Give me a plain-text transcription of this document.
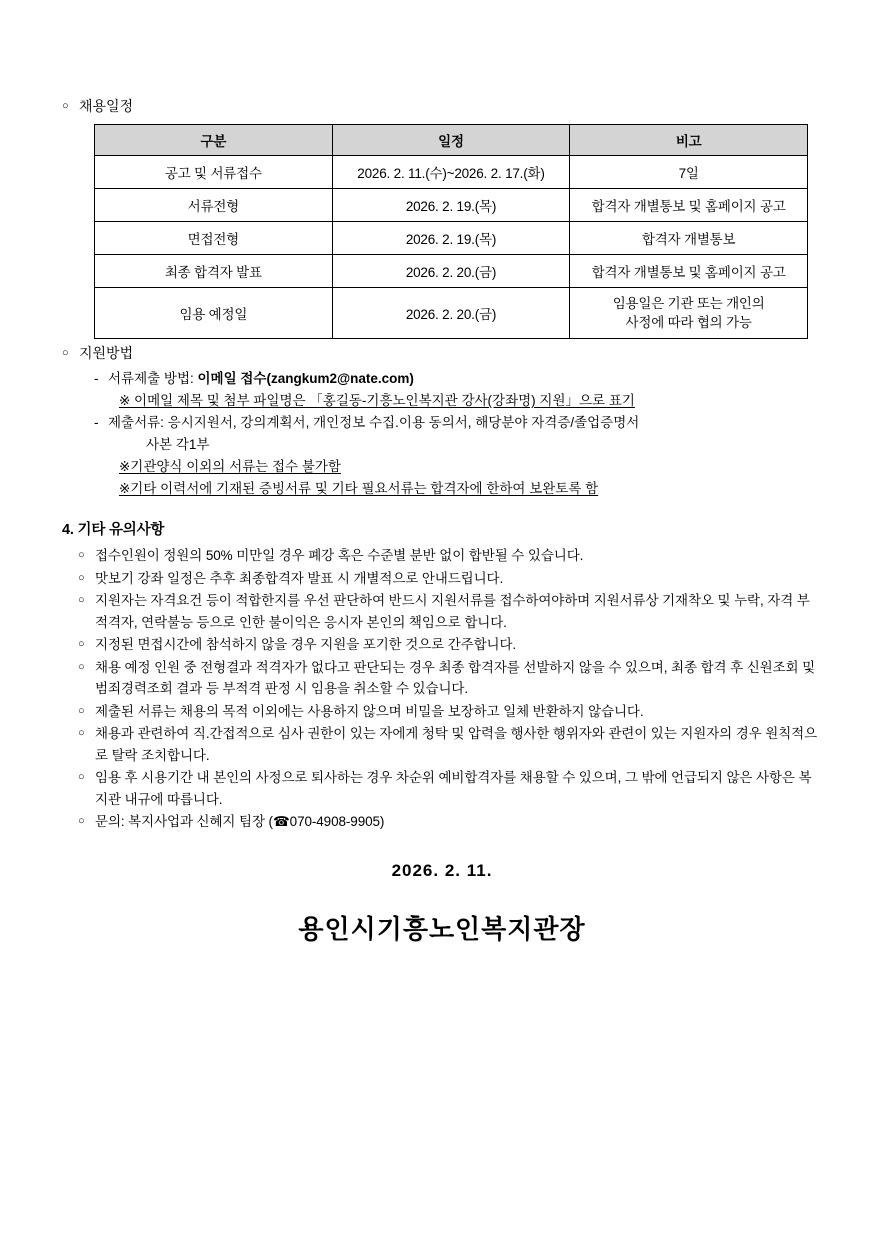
○ 채용일정
구분	일정	비고
공고 및 서류접수	2026. 2. 11.(수)~2026. 2. 17.(화)	7일
서류전형	2026. 2. 19.(목)	합격자 개별통보 및 홈페이지 공고
면접전형	2026. 2. 19.(목)	합격자 개별통보
최종 합격자 발표	2026. 2. 20.(금)	합격자 개별통보 및 홈페이지 공고
임용 예정일	2026. 2. 20.(금)	임용일은 기관 또는 개인의
사정에 따라 협의 가능
○ 지원방법
- 서류제출 방법: 이메일 접수(zangkum2@nate.com)
※ 이메일 제목 및 첨부 파일명은 「홍길동-기흥노인복지관 강사(강좌명) 지원」으로 표기
- 제출서류: 응시지원서, 강의계획서, 개인정보 수집.이용 동의서, 해당분야 자격증/졸업증명서
사본 각1부
※기관양식 이외의 서류는 접수 불가함
※기타 이력서에 기재된 증빙서류 및 기타 필요서류는 합격자에 한하여 보완토록 함
4. 기타 유의사항
○ 접수인원이 정원의 50% 미만일 경우 폐강 혹은 수준별 분반 없이 합반될 수 있습니다.
○ 맛보기 강좌 일정은 추후 최종합격자 발표 시 개별적으로 안내드립니다.
○ 지원자는 자격요건 등이 적합한지를 우선 판단하여 반드시 지원서류를 접수하여야하며 지원서류상 기재착오 및 누락, 자격 부적격자, 연락불능 등으로 인한 불이익은 응시자 본인의 책임으로 합니다.
○ 지정된 면접시간에 참석하지 않을 경우 지원을 포기한 것으로 간주합니다.
○ 채용 예정 인원 중 전형결과 적격자가 없다고 판단되는 경우 최종 합격자를 선발하지 않을 수 있으며, 최종 합격 후 신원조회 및 범죄경력조회 결과 등 부적격 판정 시 임용을 취소할 수 있습니다.
○ 제출된 서류는 채용의 목적 이외에는 사용하지 않으며 비밀을 보장하고 일체 반환하지 않습니다.
○ 채용과 관련하여 직.간접적으로 심사 권한이 있는 자에게 청탁 및 압력을 행사한 행위자와 관련이 있는 지원자의 경우 원칙적으로 탈락 조치합니다.
○ 임용 후 시용기간 내 본인의 사정으로 퇴사하는 경우 차순위 예비합격자를 채용할 수 있으며, 그 밖에 언급되지 않은 사항은 복지관 내규에 따릅니다.
○ 문의: 복지사업과 신혜지 팀장 (☎070-4908-9905)
2026. 2. 11.
용인시기흥노인복지관장
